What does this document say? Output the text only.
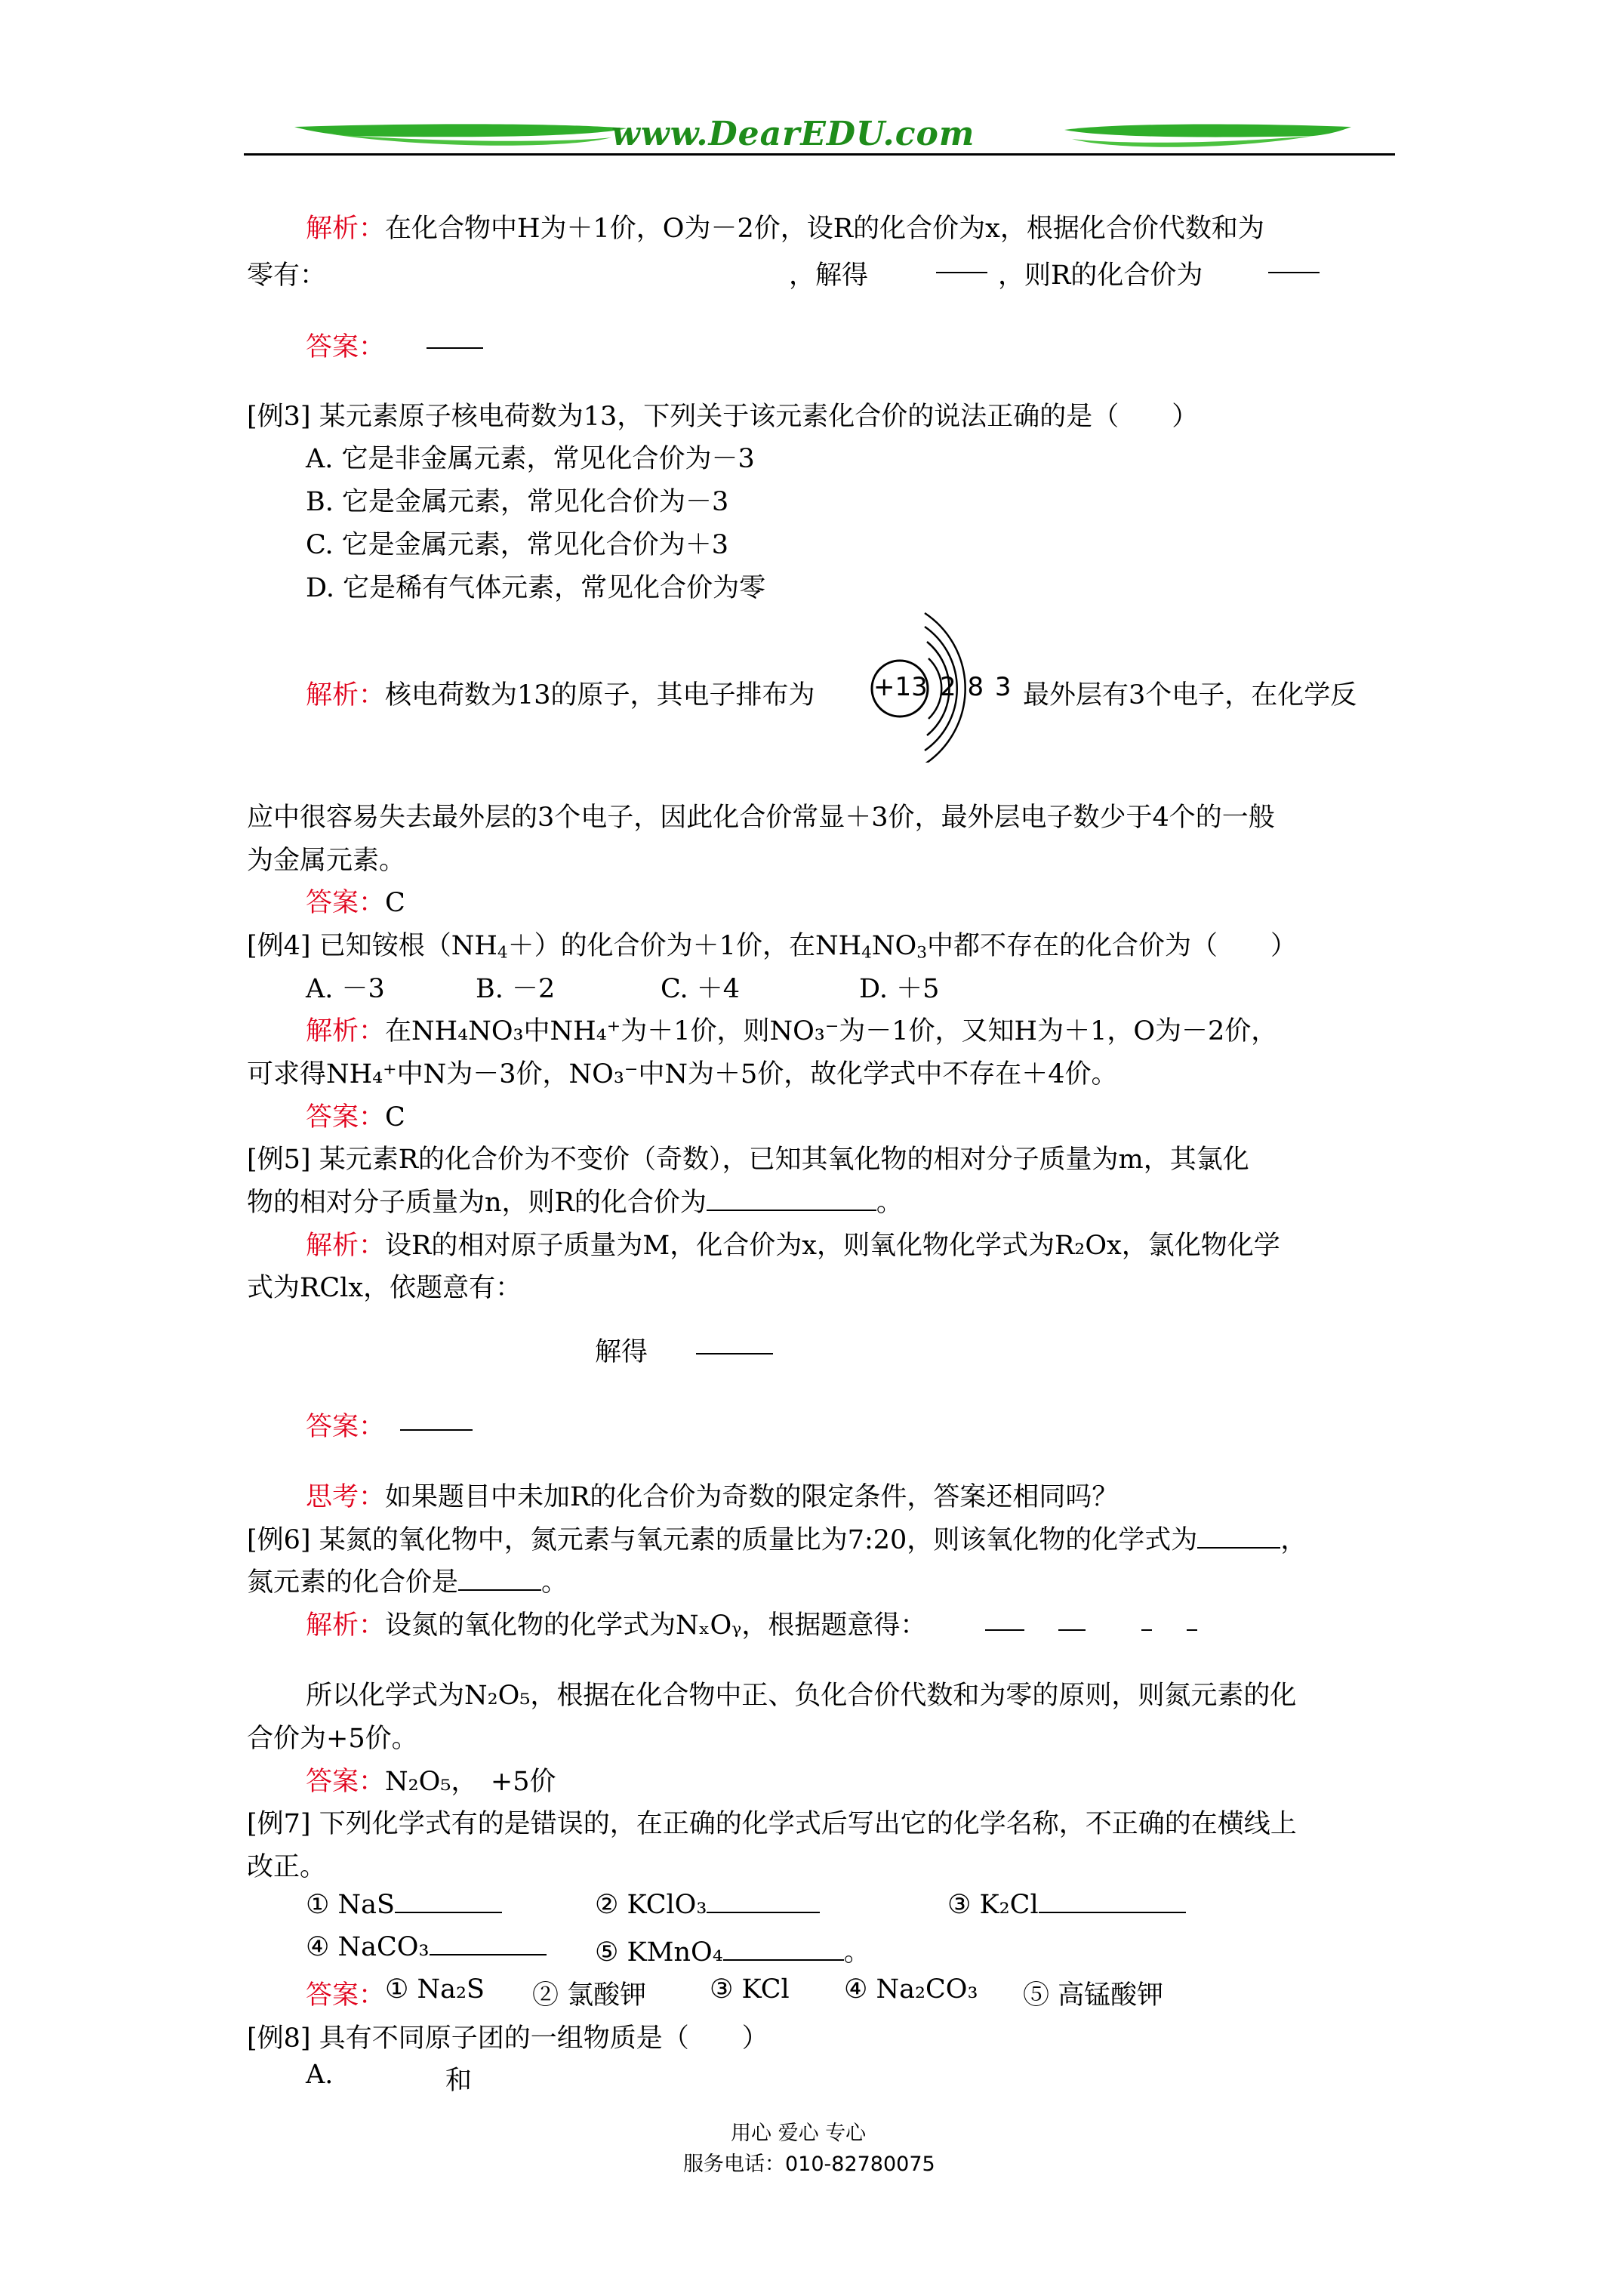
www.DearEDU.com
解析：在化合物中H为＋1价，O为－2价，设R的化合价为x，根据化合价代数和为
零有：	，解得	，则R的化合价为
答案：
[例3] 某元素原子核电荷数为13，下列关于该元素化合价的说法正确的是（　　）
A. 它是非金属元素，常见化合价为－3
B. 它是金属元素，常见化合价为－3
C. 它是金属元素，常见化合价为＋3
D. 它是稀有气体元素，常见化合价为零
解析：核电荷数为13的原子，其电子排布为 +13 2 8 3 最外层有3个电子，在化学反
应中很容易失去最外层的3个电子，因此化合价常显＋3价，最外层电子数少于4个的一般
为金属元素。
答案：C
[例4] 已知铵根$(NH_4+)$的化合价为＋1价，在$NH_4NO_3$中都不存在的化合价为（　　）
A. －3	B. －2	C. ＋4	D. ＋5
解析：在NH₄NO₃中NH₄⁺为＋1价，则NO₃⁻为－1价，又知H为＋1，O为－2价，
可求得NH₄⁺中N为－3价，NO₃⁻中N为＋5价，故化学式中不存在＋4价。
答案：C
[例5] 某元素R的化合价为不变价（奇数），已知其氧化物的相对分子质量为m，其氯化
物的相对分子质量为n，则R的化合价为	。
解析：设R的相对原子质量为M，化合价为x，则氧化物化学式为R₂Ox，氯化物化学
式为RClx，依题意有：
解得
答案：
思考：如果题目中未加R的化合价为奇数的限定条件，答案还相同吗？
[例6] 某氮的氧化物中，氮元素与氧元素的质量比为7:20，则该氧化物的化学式为	，
氮元素的化合价是	。
解析：设氮的氧化物的化学式为NₓOᵧ，根据题意得：
所以化学式为N₂O₅，根据在化合物中正、负化合价代数和为零的原则，则氮元素的化
合价为+5价。
答案：N₂O₅，　+5价
[例7] 下列化学式有的是错误的，在正确的化学式后写出它的化学名称，不正确的在横线上
改正。
① NaS	② KClO₃	③ K₂Cl
④ NaCO₃	⑤ KMnO₄	。
答案： ① Na₂S ② 氯酸钾 ③ KCl ④ Na₂CO₃ ⑤ 高锰酸钾
[例8] 具有不同原子团的一组物质是（　　）
A.	和
用心 爱心 专心
服务电话：010-82780075
